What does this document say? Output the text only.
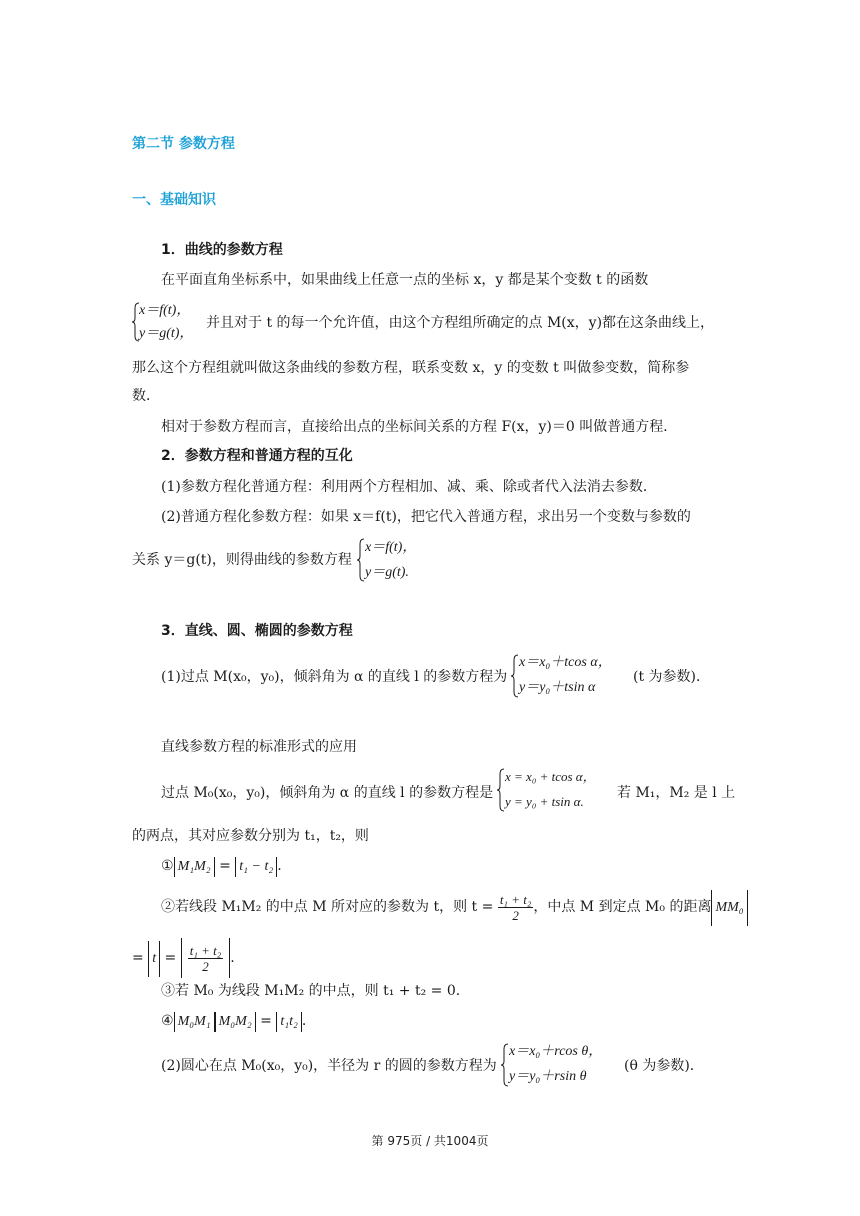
第二节 参数方程
一、基础知识
1．曲线的参数方程
在平面直角坐标系中，如果曲线上任意一点的坐标 x，y 都是某个变数 t 的函数
x＝f(t)，
y＝g(t)，
并且对于 t 的每一个允许值，由这个方程组所确定的点 M(x，y)都在这条曲线上，
那么这个方程组就叫做这条曲线的参数方程，联系变数 x，y 的变数 t 叫做参变数，简称参
数．
相对于参数方程而言，直接给出点的坐标间关系的方程 F(x，y)＝0 叫做普通方程．
2．参数方程和普通方程的互化
(1)参数方程化普通方程：利用两个方程相加、减、乘、除或者代入法消去参数．
(2)普通方程化参数方程：如果 x＝f(t)，把它代入普通方程，求出另一个变数与参数的
关系 y＝g(t)，则得曲线的参数方程
x＝f(t)，
y＝g(t).
3．直线、圆、椭圆的参数方程
(1)过点 M(x₀，y₀)，倾斜角为 α 的直线 l 的参数方程为
x＝x₀＋tcos α，
y＝y₀＋tsin α
(t 为参数)．
直线参数方程的标准形式的应用
过点 M₀(x₀，y₀)，倾斜角为 α 的直线 l 的参数方程是
x = x₀ + tcos α，
y = y₀ + tsin α.
若 M₁，M₂ 是 l 上
的两点，其对应参数分别为 t₁，t₂，则
① M₁M₂ = t₁ − t₂ .
②若线段 M₁M₂ 的中点 M 所对应的参数为 t，则 $t = \frac{\text{t₁ + t₂}}{2}$ ，中点 M 到定点 M₀ 的距离 MM₀
= $t = \frac{\text{t₁ + t₂}}{2}$ .
③若 M₀ 为线段 M₁M₂ 的中点，则 t₁ + t₂ = 0.
④ M₀M₁ M₀M₂ = t₁t₂ .
(2)圆心在点 M₀(x₀，y₀)，半径为 r 的圆的参数方程为
x＝x₀＋rcos θ，
y＝y₀＋rsin θ
(θ 为参数)．
第 975页 / 共1004页
